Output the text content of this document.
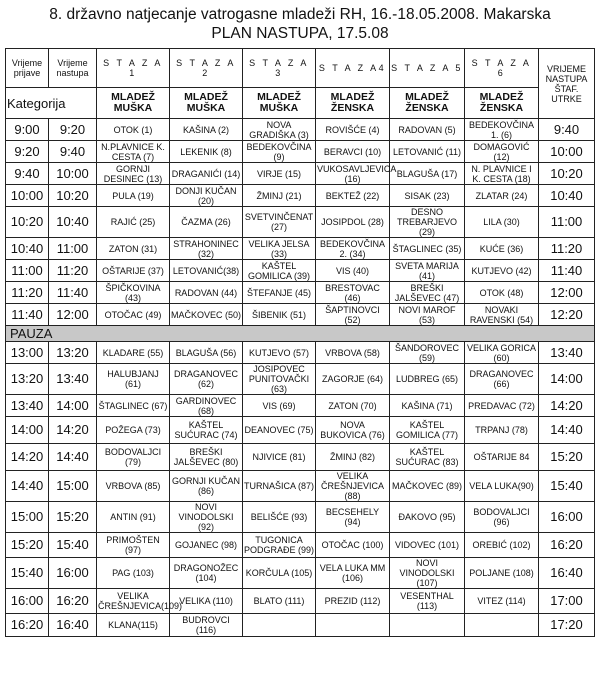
8. državno natjecanje vatrogasne mladeži RH, 16.-18.05.2008. Makarska
PLAN NASTUPA, 17.5.08
Vrijeme prijave	Vrijeme nastupa	S T A Z A 1	S T A Z A 2	S T A Z A 3	S T A Z A4	S T A Z A 5	S T A Z A 6	VRIJEME NASTUPA ŠTAF. UTRKE
Kategorija		MLADEŽ MUŠKA	MLADEŽ MUŠKA	MLADEŽ MUŠKA	MLADEŽ ŽENSKA	MLADEŽ ŽENSKA	MLADEŽ ŽENSKA	
9:00	9:20	OTOK (1)	KAŠINA (2)	NOVA GRADIŠKA (3)	ROVIŠĆE (4)	RADOVAN (5)	BEDEKOVČINA 1. (6)	9:40
9:20	9:40	N.PLAVNICE K. CESTA (7)	LEKENIK (8)	BEDEKOVČINA (9)	BERAVCI (10)	LETOVANIĆ (11)	DOMAGOVIĆ (12)	10:00
9:40	10:00	GORNJI DESINEC (13)	DRAGANIĆI (14)	VIRJE (15)	VUKOSAVLJEVICA (16)	BLAGUŠA (17)	N. PLAVNICE I K. CESTA (18)	10:20
10:00	10:20	PULA (19)	DONJI KUČAN (20)	ŽMINJ (21)	BEKTEŽ (22)	SISAK (23)	ZLATAR (24)	10:40
10:20	10:40	RAJIĆ (25)	ČAZMA (26)	SVETVINČENAT (27)	JOSIPDOL (28)	DESNO TREBARJEVO (29)	LILA (30)	11:00
10:40	11:00	ZATON (31)	STRAHONINEC (32)	VELIKA JELSA (33)	BEDEKOVČINA 2. (34)	ŠTAGLINEC (35)	KUĆE (36)	11:20
11:00	11:20	OŠTARIJE (37)	LETOVANIĆ(38)	KAŠTEL GOMILICA (39)	VIS (40)	SVETA MARIJA (41)	KUTJEVO (42)	11:40
11:20	11:40	ŠPIČKOVINA (43)	RADOVAN (44)	ŠTEFANJE (45)	BRESTOVAC (46)	BREŠKI JALŠEVEC (47)	OTOK (48)	12:00
11:40	12:00	OTOČAC (49)	MAČKOVEC (50)	ŠIBENIK (51)	ŠAPTINOVCI (52)	NOVI MAROF (53)	NOVAKI RAVENSKI (54)	12:20
PAUZA								
13:00	13:20	KLADARE (55)	BLAGUŠA (56)	KUTJEVO (57)	VRBOVA (58)	ŠANDOROVEC (59)	VELIKA GORICA (60)	13:40
13:20	13:40	HALUBJANJ (61)	DRAGANOVEC (62)	JOSIPOVEC PUNITOVAČKI (63)	ZAGORJE (64)	LUDBREG (65)	DRAGANOVEC (66)	14:00
13:40	14:00	ŠTAGLINEC (67)	GARDINOVEC (68)	VIS (69)	ZATON (70)	KAŠINA (71)	PREDAVAC (72)	14:20
14:00	14:20	POŽEGA (73)	KAŠTEL SUĆURAC (74)	DEANOVEC (75)	NOVA BUKOVICA (76)	KAŠTEL GOMILICA (77)	TRPANJ (78)	14:40
14:20	14:40	BODOVALJCI (79)	BREŠKI JALŠEVEC (80)	NJIVICE (81)	ŽMINJ (82)	KAŠTEL SUĆURAC (83)	OŠTARIJE 84	15:20
14:40	15:00	VRBOVA (85)	GORNJI KUČAN (86)	TURNAŠICA (87)	VELIKA ČREŠNJEVICA (88)	MAČKOVEC (89)	VELA LUKA(90)	15:40
15:00	15:20	ANTIN (91)	NOVI VINODOLSKI (92)	BELIŠĆE (93)	BECSEHELY (94)	ĐAKOVO (95)	BODOVALJCI (96)	16:00
15:20	15:40	PRIMOŠTEN (97)	GOJANEC (98)	TUGONICA PODGRAĐE (99)	OTOČAC (100)	VIDOVEC (101)	OREBIĆ (102)	16:20
15:40	16:00	PAG (103)	DRAGONOŽEC (104)	KORČULA (105)	VELA LUKA MM (106)	NOVI VINODOLSKI (107)	POLJANE (108)	16:40
16:00	16:20	VELIKA ČREŠNJEVICA(109)	VELIKA (110)	BLATO (111)	PREZID (112)	VESENTHAL (113)	VITEZ (114)	17:00
16:20	16:40	KLANA(115)	BUDROVCI (116)					17:20
